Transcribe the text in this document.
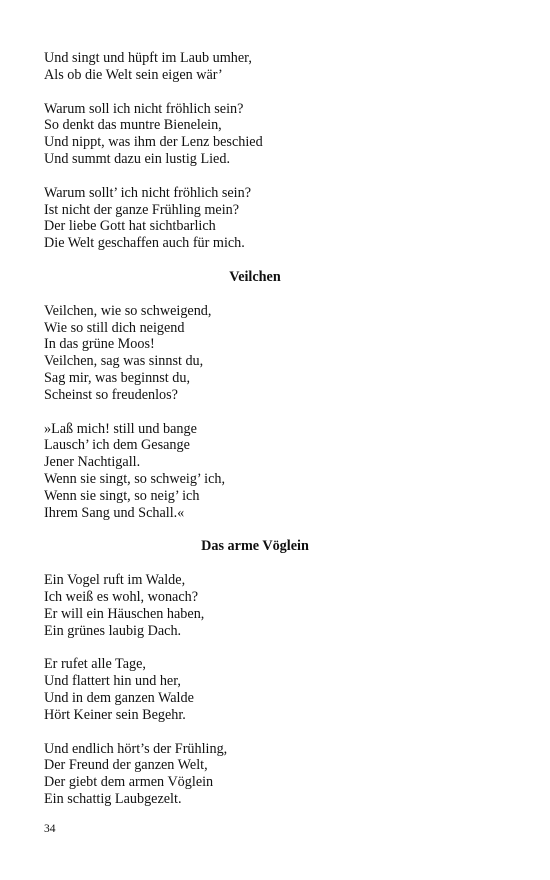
Und singt und hüpft im Laub umher,
Als ob die Welt sein eigen wär’
Warum soll ich nicht fröhlich sein?
So denkt das muntre Bienelein,
Und nippt, was ihm der Lenz beschied
Und summt dazu ein lustig Lied.
Warum sollt’ ich nicht fröhlich sein?
Ist nicht der ganze Frühling mein?
Der liebe Gott hat sichtbarlich
Die Welt geschaffen auch für mich.
Veilchen
Veilchen, wie so schweigend,
Wie so still dich neigend
In das grüne Moos!
Veilchen, sag was sinnst du,
Sag mir, was beginnst du,
Scheinst so freudenlos?
»Laß mich! still und bange
Lausch’ ich dem Gesange
Jener Nachtigall.
Wenn sie singt, so schweig’ ich,
Wenn sie singt, so neig’ ich
Ihrem Sang und Schall.«
Das arme Vöglein
Ein Vogel ruft im Walde,
Ich weiß es wohl, wonach?
Er will ein Häuschen haben,
Ein grünes laubig Dach.
Er rufet alle Tage,
Und flattert hin und her,
Und in dem ganzen Walde
Hört Keiner sein Begehr.
Und endlich hört’s der Frühling,
Der Freund der ganzen Welt,
Der giebt dem armen Vöglein
Ein schattig Laubgezelt.
34
